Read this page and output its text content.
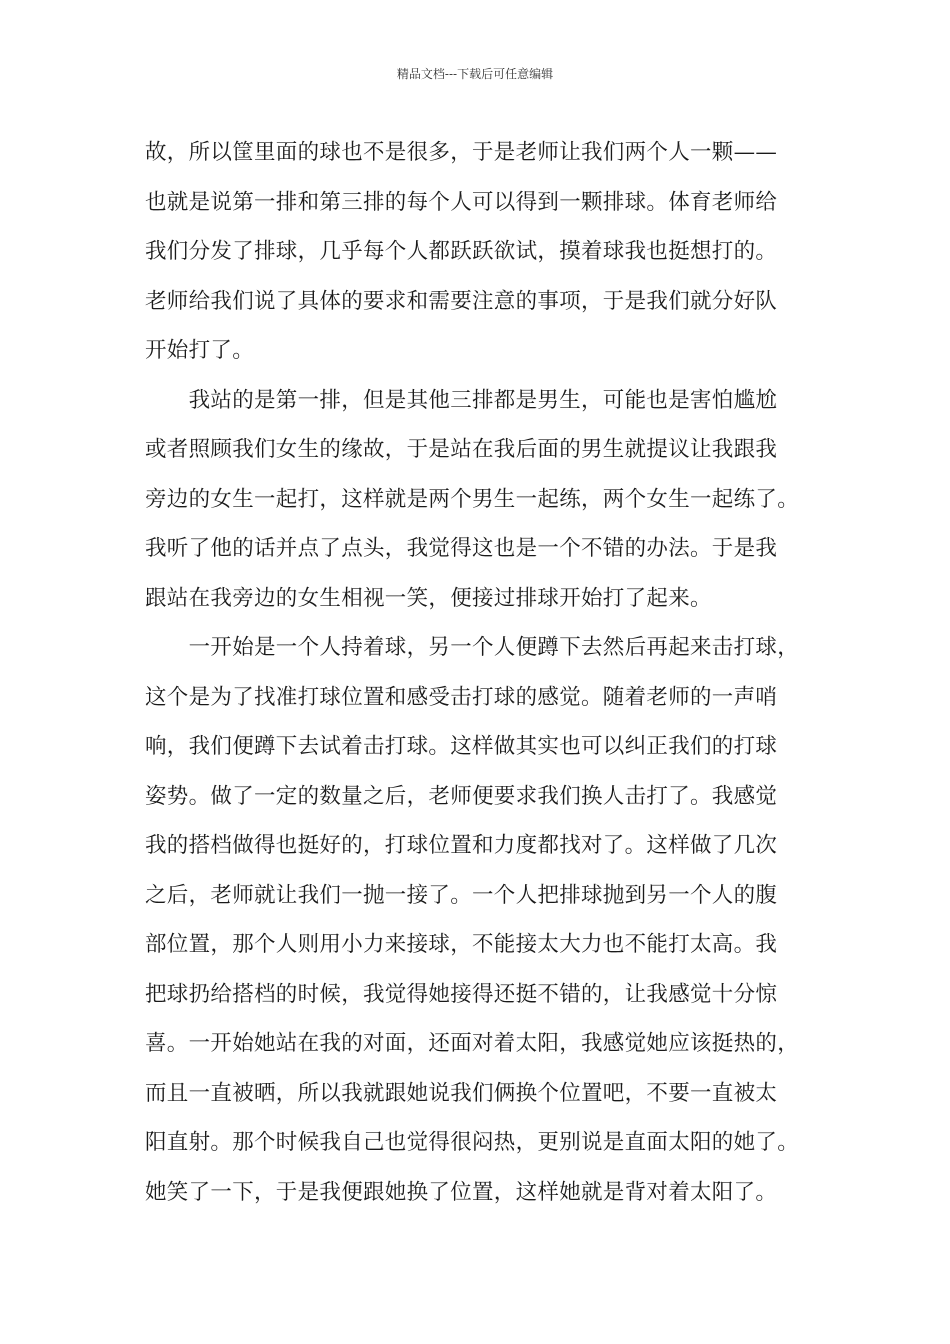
精品文档---下载后可任意编辑
故，所以筐里面的球也不是很多，于是老师让我们两个人一颗——
也就是说第一排和第三排的每个人可以得到一颗排球。体育老师给
我们分发了排球，几乎每个人都跃跃欲试，摸着球我也挺想打的。
老师给我们说了具体的要求和需要注意的事项，于是我们就分好队
开始打了。
　　我站的是第一排，但是其他三排都是男生，可能也是害怕尴尬
或者照顾我们女生的缘故，于是站在我后面的男生就提议让我跟我
旁边的女生一起打，这样就是两个男生一起练，两个女生一起练了。
我听了他的话并点了点头，我觉得这也是一个不错的办法。于是我
跟站在我旁边的女生相视一笑，便接过排球开始打了起来。
　　一开始是一个人持着球，另一个人便蹲下去然后再起来击打球，
这个是为了找准打球位置和感受击打球的感觉。随着老师的一声哨
响，我们便蹲下去试着击打球。这样做其实也可以纠正我们的打球
姿势。做了一定的数量之后，老师便要求我们换人击打了。我感觉
我的搭档做得也挺好的，打球位置和力度都找对了。这样做了几次
之后，老师就让我们一抛一接了。一个人把排球抛到另一个人的腹
部位置，那个人则用小力来接球，不能接太大力也不能打太高。我
把球扔给搭档的时候，我觉得她接得还挺不错的，让我感觉十分惊
喜。一开始她站在我的对面，还面对着太阳，我感觉她应该挺热的，
而且一直被晒，所以我就跟她说我们俩换个位置吧，不要一直被太
阳直射。那个时候我自己也觉得很闷热，更别说是直面太阳的她了。
她笑了一下，于是我便跟她换了位置，这样她就是背对着太阳了。
